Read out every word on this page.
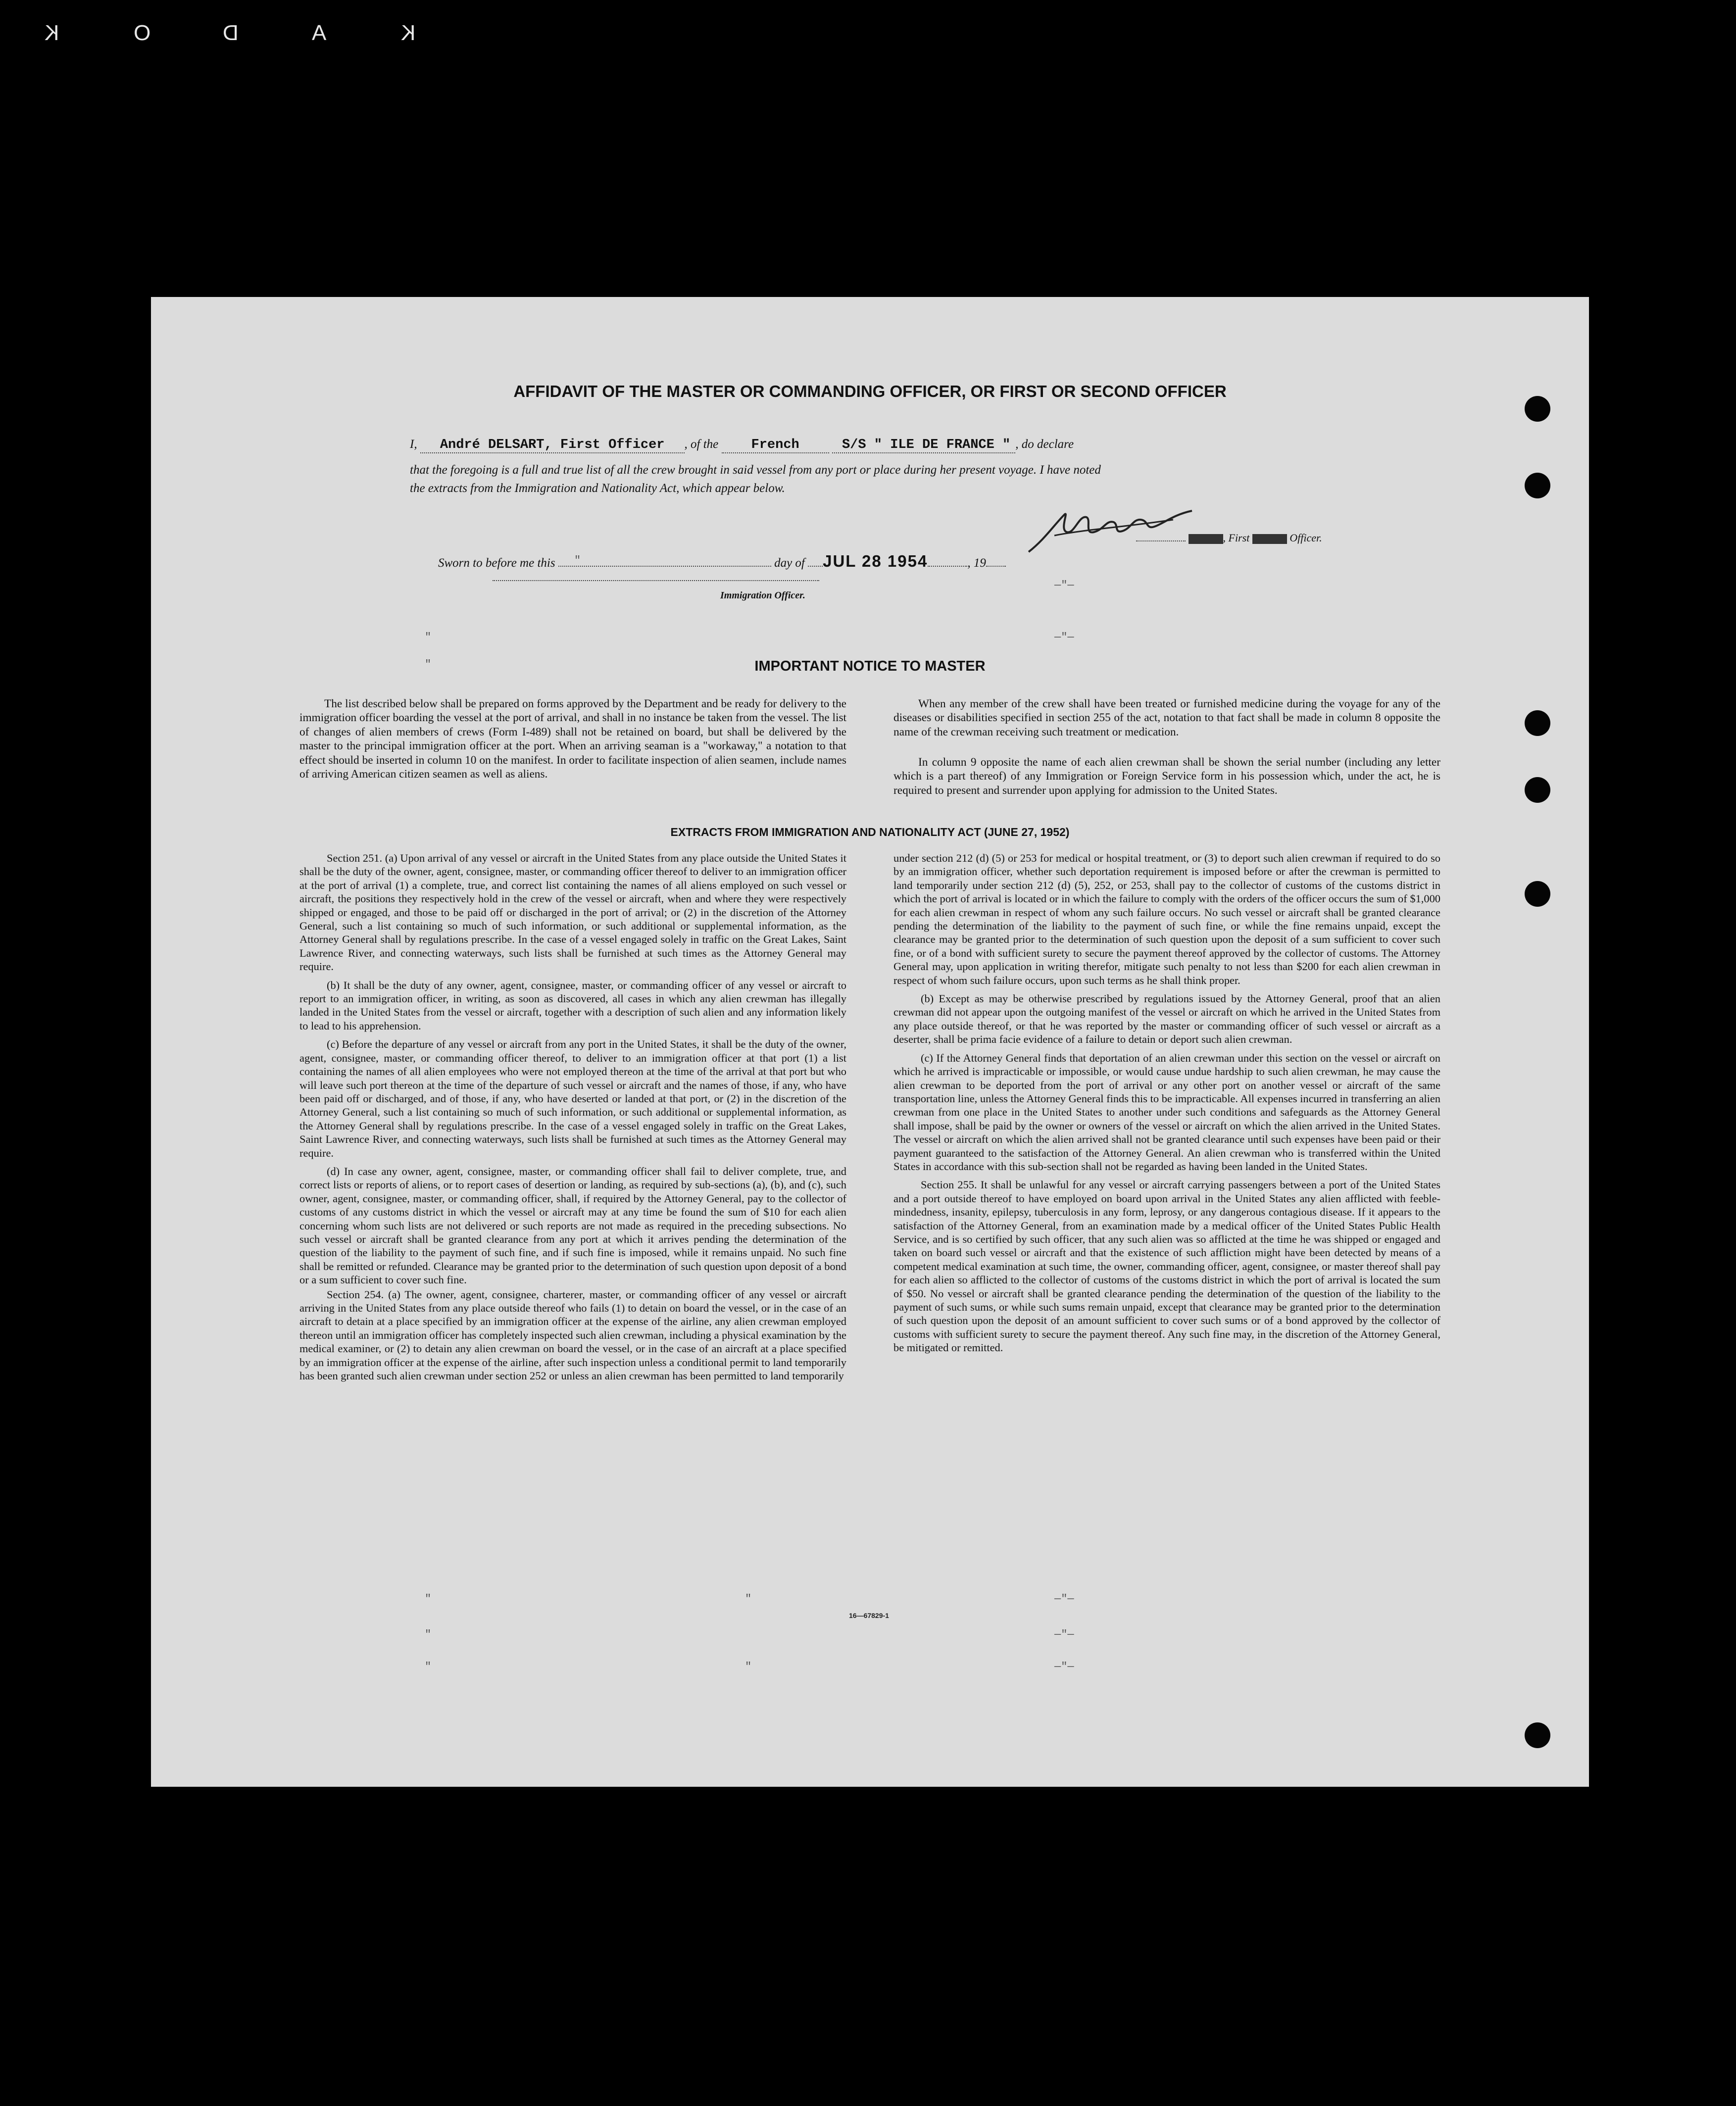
K	O	D	A	K
AFFIDAVIT OF THE MASTER OR COMMANDING OFFICER, OR FIRST OR SECOND OFFICER
I, André DELSART, First Officer , of the French	S/S " ILE DE FRANCE " , do declare
that the foregoing is a full and true list of all the crew brought in said vessel from any port or place during her present voyage. I have noted
the extracts from the Immigration and Nationality Act, which appear below.
, First	Officer.
Sworn to before me this	day of JUL 28 1954	, 19
Immigration Officer.
"
—"—
"
"
—"—
"	"	—"—
"	—"—
"	"	—"—
IMPORTANT NOTICE TO MASTER
The list described below shall be prepared on forms approved by the Department and be ready for delivery to the immigration officer boarding the vessel at the port of arrival, and shall in no instance be taken from the vessel. The list of changes of alien members of crews (Form I-489) shall not be retained on board, but shall be delivered by the master to the principal immigration officer at the port. When an arriving seaman is a "workaway," a notation to that effect should be inserted in column 10 on the manifest. In order to facilitate inspection of alien seamen, include names of arriving American citizen seamen as well as aliens.
When any member of the crew shall have been treated or furnished medicine during the voyage for any of the diseases or disabilities specified in section 255 of the act, notation to that fact shall be made in column 8 opposite the name of the crewman receiving such treatment or medication.
In column 9 opposite the name of each alien crewman shall be shown the serial number (including any letter which is a part thereof) of any Immigration or Foreign Service form in his possession which, under the act, he is required to present and surrender upon applying for admission to the United States.
EXTRACTS FROM IMMIGRATION AND NATIONALITY ACT (JUNE 27, 1952)

Section 251. (a) Upon arrival of any vessel or aircraft in the United States from any place outside the United States it shall be the duty of the owner, agent, consignee, master, or commanding officer thereof to deliver to an immigration officer at the port of arrival (1) a complete, true, and correct list containing the names of all aliens employed on such vessel or aircraft, the positions they respectively hold in the crew of the vessel or aircraft, when and where they were respectively shipped or engaged, and those to be paid off or discharged in the port of arrival; or (2) in the discretion of the Attorney General, such a list containing so much of such information, or such additional or supplemental information, as the Attorney General shall by regulations prescribe. In the case of a vessel engaged solely in traffic on the Great Lakes, Saint Lawrence River, and connecting waterways, such lists shall be furnished at such times as the Attorney General may require.

(b) It shall be the duty of any owner, agent, consignee, master, or commanding officer of any vessel or aircraft to report to an immigration officer, in writing, as soon as discovered, all cases in which any alien crewman has illegally landed in the United States from the vessel or aircraft, together with a description of such alien and any information likely to lead to his apprehension.

(c) Before the departure of any vessel or aircraft from any port in the United States, it shall be the duty of the owner, agent, consignee, master, or commanding officer thereof, to deliver to an immigration officer at that port (1) a list containing the names of all alien employees who were not employed thereon at the time of the arrival at that port but who will leave such port thereon at the time of the departure of such vessel or aircraft and the names of those, if any, who have been paid off or discharged, and of those, if any, who have deserted or landed at that port, or (2) in the discretion of the Attorney General, such a list containing so much of such information, or such additional or supplemental information, as the Attorney General shall by regulations prescribe. In the case of a vessel engaged solely in traffic on the Great Lakes, Saint Lawrence River, and connecting waterways, such lists shall be furnished at such times as the Attorney General may require.

(d) In case any owner, agent, consignee, master, or commanding officer shall fail to deliver complete, true, and correct lists or reports of aliens, or to report cases of desertion or landing, as required by sub-sections (a), (b), and (c), such owner, agent, consignee, master, or commanding officer, shall, if required by the Attorney General, pay to the collector of customs of any customs district in which the vessel or aircraft may at any time be found the sum of $10 for each alien concerning whom such lists are not delivered or such reports are not made as required in the preceding subsections. No such vessel or aircraft shall be granted clearance from any port at which it arrives pending the determination of the question of the liability to the payment of such fine, and if such fine is imposed, while it remains unpaid. No such fine shall be remitted or refunded. Clearance may be granted prior to the determination of such question upon deposit of a bond or a sum sufficient to cover such fine.

Section 254. (a) The owner, agent, consignee, charterer, master, or commanding officer of any vessel or aircraft arriving in the United States from any place outside thereof who fails (1) to detain on board the vessel, or in the case of an aircraft to detain at a place specified by an immigration officer at the expense of the airline, any alien crewman employed thereon until an immigration officer has completely inspected such alien crewman, including a physical examination by the medical examiner, or (2) to detain any alien crewman on board the vessel, or in the case of an aircraft at a place specified by an immigration officer at the expense of the airline, after such inspection unless a conditional permit to land temporarily has been granted such alien crewman under section 252 or unless an alien crewman has been permitted to land temporarily

under section 212 (d) (5) or 253 for medical or hospital treatment, or (3) to deport such alien crewman if required to do so by an immigration officer, whether such deportation requirement is imposed before or after the crewman is permitted to land temporarily under section 212 (d) (5), 252, or 253, shall pay to the collector of customs of the customs district in which the port of arrival is located or in which the failure to comply with the orders of the officer occurs the sum of $1,000 for each alien crewman in respect of whom any such failure occurs. No such vessel or aircraft shall be granted clearance pending the determination of the liability to the payment of such fine, or while the fine remains unpaid, except the clearance may be granted prior to the determination of such question upon the deposit of a sum sufficient to cover such fine, or of a bond with sufficient surety to secure the payment thereof approved by the collector of customs. The Attorney General may, upon application in writing therefor, mitigate such penalty to not less than $200 for each alien crewman in respect of whom such failure occurs, upon such terms as he shall think proper.

(b) Except as may be otherwise prescribed by regulations issued by the Attorney General, proof that an alien crewman did not appear upon the outgoing manifest of the vessel or aircraft on which he arrived in the United States from any place outside thereof, or that he was reported by the master or commanding officer of such vessel or aircraft as a deserter, shall be prima facie evidence of a failure to detain or deport such alien crewman.

(c) If the Attorney General finds that deportation of an alien crewman under this section on the vessel or aircraft on which he arrived is impracticable or impossible, or would cause undue hardship to such alien crewman, he may cause the alien crewman to be deported from the port of arrival or any other port on another vessel or aircraft of the same transportation line, unless the Attorney General finds this to be impracticable. All expenses incurred in transferring an alien crewman from one place in the United States to another under such conditions and safeguards as the Attorney General shall impose, shall be paid by the owner or owners of the vessel or aircraft on which the alien arrived in the United States. The vessel or aircraft on which the alien arrived shall not be granted clearance until such expenses have been paid or their payment guaranteed to the satisfaction of the Attorney General. An alien crewman who is transferred within the United States in accordance with this sub-section shall not be regarded as having been landed in the United States.

Section 255. It shall be unlawful for any vessel or aircraft carrying passengers between a port of the United States and a port outside thereof to have employed on board upon arrival in the United States any alien afflicted with feeble-mindedness, insanity, epilepsy, tuberculosis in any form, leprosy, or any dangerous contagious disease. If it appears to the satisfaction of the Attorney General, from an examination made by a medical officer of the United States Public Health Service, and is so certified by such officer, that any such alien was so afflicted at the time he was shipped or engaged and taken on board such vessel or aircraft and that the existence of such affliction might have been detected by means of a competent medical examination at such time, the owner, commanding officer, agent, consignee, or master thereof shall pay for each alien so afflicted to the collector of customs of the customs district in which the port of arrival is located the sum of $50. No vessel or aircraft shall be granted clearance pending the determination of the question of the liability to the payment of such sums, or while such sums remain unpaid, except that clearance may be granted prior to the determination of such question upon the deposit of an amount sufficient to cover such sums or of a bond approved by the collector of customs with sufficient surety to secure the payment thereof. Any such fine may, in the discretion of the Attorney General, be mitigated or remitted.

16—67829-1
